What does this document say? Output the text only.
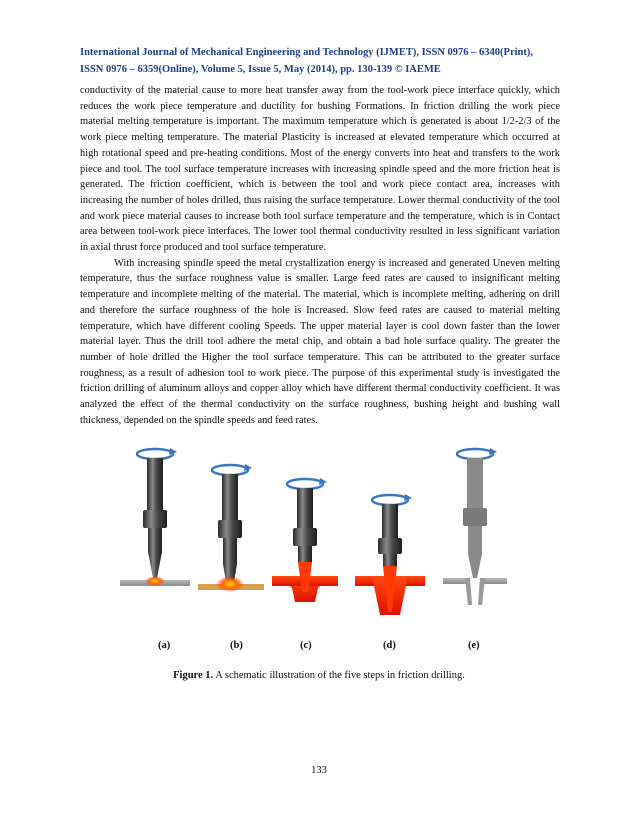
International Journal of Mechanical Engineering and Technology (IJMET), ISSN 0976 – 6340(Print),
ISSN 0976 – 6359(Online), Volume 5, Issue 5, May (2014), pp. 130-139 © IAEME

conductivity of the material cause to more heat transfer away from the tool-work piece interface quickly, which reduces the work piece temperature and ductility for bushing Formations. In friction drilling the work piece material melting temperature is important. The maximum temperature which is generated is about 1/2-2/3 of the work piece melting temperature. The material Plasticity is increased at elevated temperature which occurred at high rotational speed and pre-heating conditions. Most of the energy converts into heat and transfers to the work piece and tool. The tool surface temperature increases with increasing spindle speed and the more friction heat is generated. The friction coefficient, which is between the tool and work piece contact area, increases with increasing the number of holes drilled, thus raising the surface temperature. Lower thermal conductivity of the tool and work piece material causes to increase both tool surface temperature and the temperature, which is in Contact area between tool-work piece interfaces. The lower tool thermal conductivity resulted in less significant variation in axial thrust force produced and tool surface temperature.

With increasing spindle speed the metal crystallization energy is increased and generated Uneven melting temperature, thus the surface roughness value is smaller. Large feed rates are caused to insignificant melting temperature and incomplete melting of the material. The material, which is incomplete melting, adhering on drill and therefore the surface roughness of the hole is Increased. Slow feed rates are caused to material melting temperature, which have different cooling Speeds. The upper material layer is cool down faster than the lower material layer. Thus the drill tool adhere the metal chip, and obtain a bad hole surface quality. The greater the number of hole drilled the Higher the tool surface temperature. This can be attributed to the greater surface roughness, as a result of adhesion tool to work piece. The purpose of this experimental study is investigated the friction drilling of aluminum alloys and copper alloy which have different thermal conductivity coefficient. It was analyzed the effect of the thermal conductivity on the surface roughness, bushing height and bushing wall thickness, depended on the spindle speeds and feed rates.

(a)	(b)	(c)	(d)	(e)
Figure 1. A schematic illustration of the five steps in friction drilling.
133
